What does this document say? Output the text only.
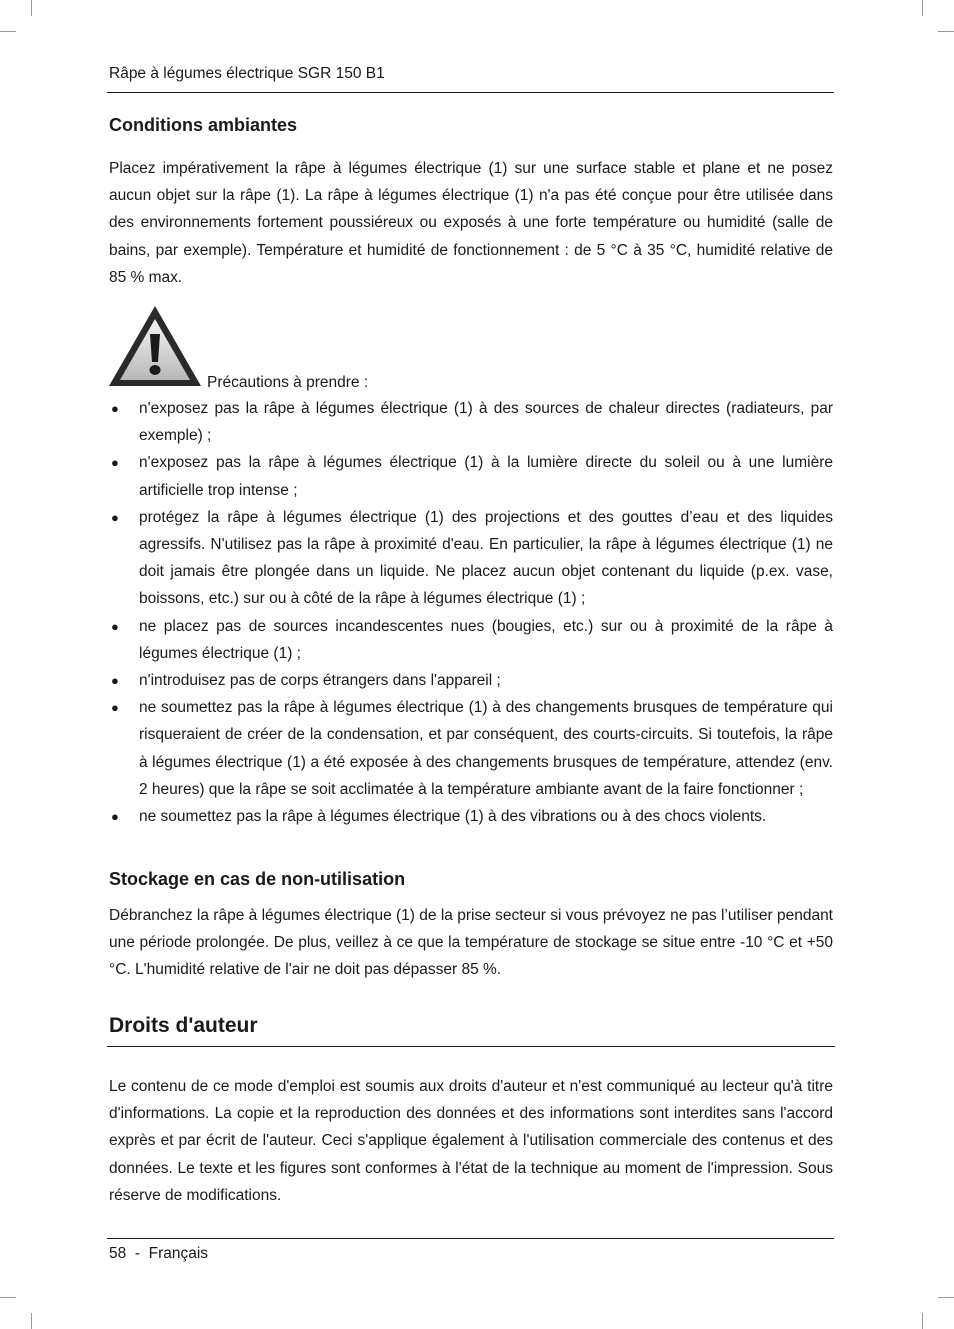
Râpe à légumes électrique SGR 150 B1
Conditions ambiantes

Placez impérativement la râpe à légumes électrique (1) sur une surface stable et plane et ne posez aucun objet sur la râpe (1). La râpe à légumes électrique (1) n'a pas été conçue pour être utilisée dans des environnements fortement poussiéreux ou exposés à une forte température ou humidité (salle de bains, par exemple). Température et humidité de fonctionnement : de 5 °C à 35 °C, humidité relative de 85 % max.

Précautions à prendre :
● n'exposez pas la râpe à légumes électrique (1) à des sources de chaleur directes (radiateurs, par exemple) ;
● n'exposez pas la râpe à légumes électrique (1) à la lumière directe du soleil ou à une lumière artificielle trop intense ;
● protégez la râpe à légumes électrique (1) des projections et des gouttes d’eau et des liquides agressifs. N'utilisez pas la râpe à proximité d'eau. En particulier, la râpe à légumes électrique (1) ne doit jamais être plongée dans un liquide. Ne placez aucun objet contenant du liquide (p.ex. vase, boissons, etc.) sur ou à côté de la râpe à légumes électrique (1) ;
● ne placez pas de sources incandescentes nues (bougies, etc.) sur ou à proximité de la râpe à légumes électrique (1) ;
● n'introduisez pas de corps étrangers dans l'appareil ;
● ne soumettez pas la râpe à légumes électrique (1) à des changements brusques de température qui risqueraient de créer de la condensation, et par conséquent, des courts-circuits. Si toutefois, la râpe à légumes électrique (1) a été exposée à des changements brusques de température, attendez (env. 2 heures) que la râpe se soit acclimatée à la température ambiante avant de la faire fonctionner ;
● ne soumettez pas la râpe à légumes électrique (1) à des vibrations ou à des chocs violents.
Stockage en cas de non-utilisation

Débranchez la râpe à légumes électrique (1) de la prise secteur si vous prévoyez ne pas l’utiliser pendant une période prolongée. De plus, veillez à ce que la température de stockage se situe entre -10 °C et +50 °C. L'humidité relative de l'air ne doit pas dépasser 85 %.

Droits d'auteur

Le contenu de ce mode d'emploi est soumis aux droits d'auteur et n'est communiqué au lecteur qu'à titre d'informations. La copie et la reproduction des données et des informations sont interdites sans l'accord exprès et par écrit de l'auteur. Ceci s'applique également à l'utilisation commerciale des contenus et des données. Le texte et les figures sont conformes à l'état de la technique au moment de l'impression. Sous réserve de modifications.

58  -  Français
